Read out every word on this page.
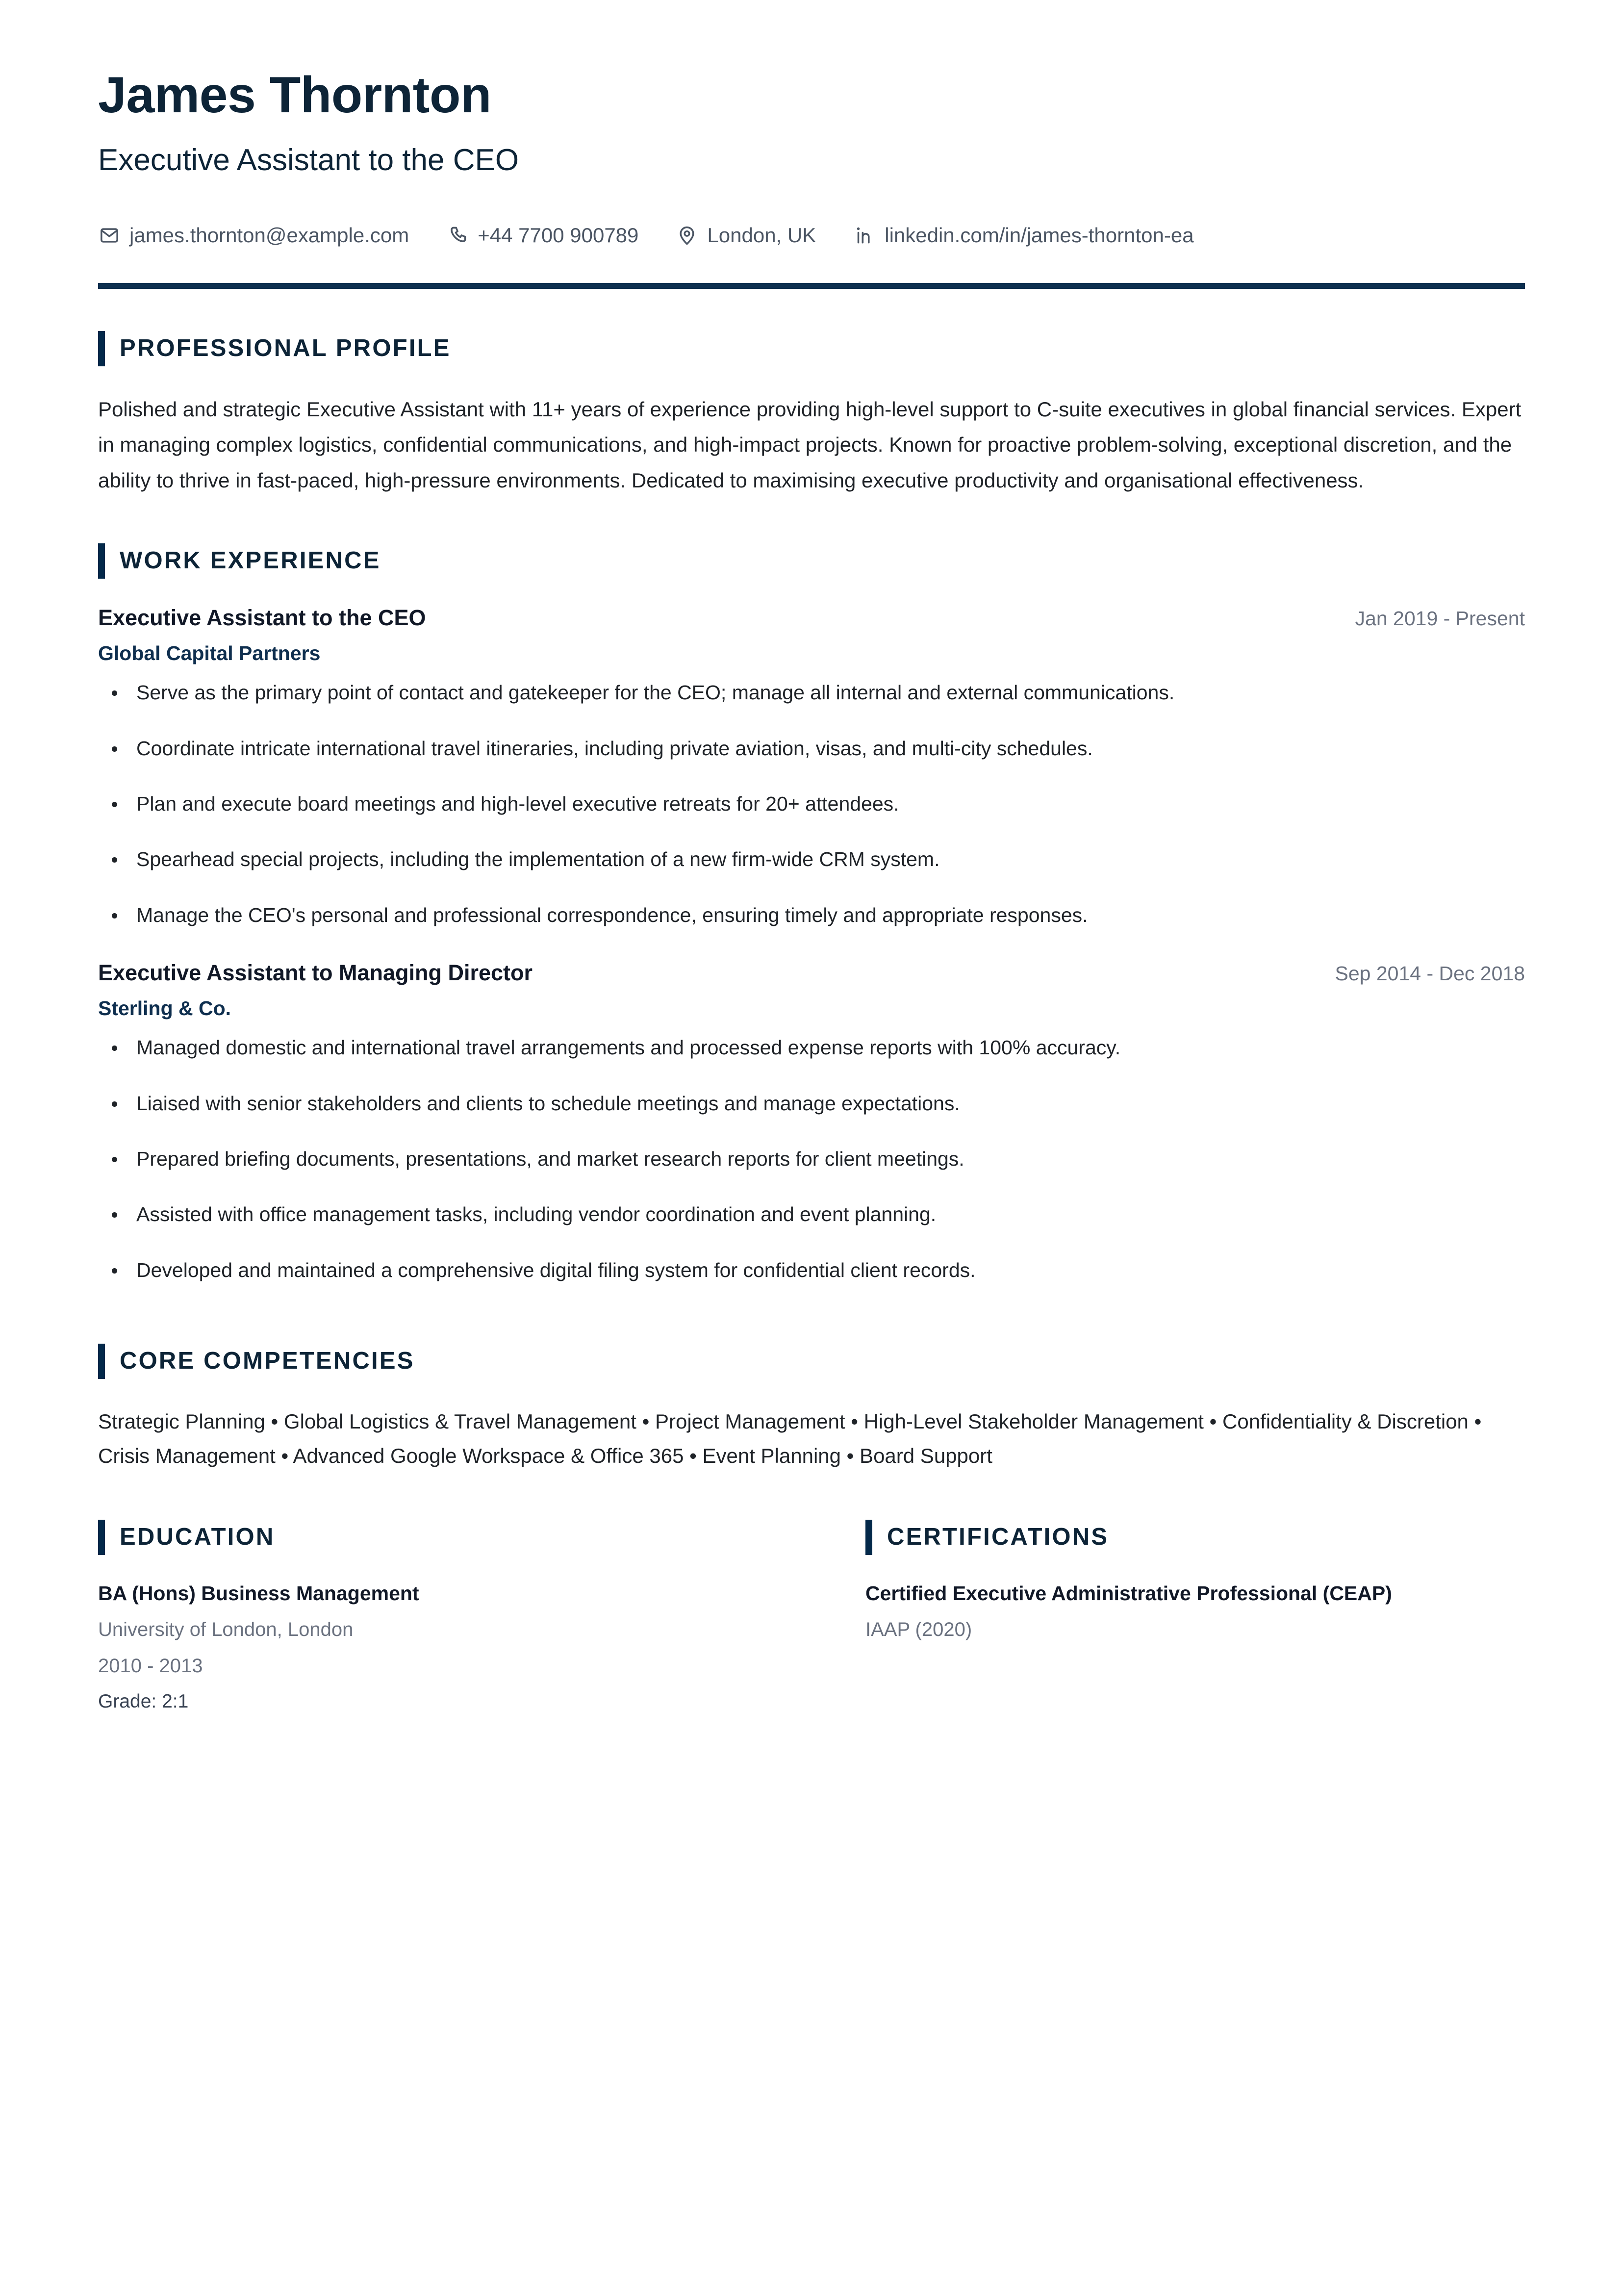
James Thornton
Executive Assistant to the CEO
james.thornton@example.com	+44 7700 900789	London, UK	linkedin.com/in/james-thornton-ea
PROFESSIONAL PROFILE

Polished and strategic Executive Assistant with 11+ years of experience providing high-level support to C-suite executives in global financial services. Expert in managing complex logistics, confidential communications, and high-impact projects. Known for proactive problem-solving, exceptional discretion, and the ability to thrive in fast-paced, high-pressure environments. Dedicated to maximising executive productivity and organisational effectiveness.

WORK EXPERIENCE
Executive Assistant to the CEO	Jan 2019 - Present
Global Capital Partners
Serve as the primary point of contact and gatekeeper for the CEO; manage all internal and external communications.
Coordinate intricate international travel itineraries, including private aviation, visas, and multi-city schedules.
Plan and execute board meetings and high-level executive retreats for 20+ attendees.
Spearhead special projects, including the implementation of a new firm-wide CRM system.
Manage the CEO's personal and professional correspondence, ensuring timely and appropriate responses.
Executive Assistant to Managing Director	Sep 2014 - Dec 2018
Sterling & Co.
Managed domestic and international travel arrangements and processed expense reports with 100% accuracy.
Liaised with senior stakeholders and clients to schedule meetings and manage expectations.
Prepared briefing documents, presentations, and market research reports for client meetings.
Assisted with office management tasks, including vendor coordination and event planning.
Developed and maintained a comprehensive digital filing system for confidential client records.
CORE COMPETENCIES
Strategic Planning • Global Logistics & Travel Management • Project Management • High-Level Stakeholder Management • Confidentiality & Discretion • Crisis Management • Advanced Google Workspace & Office 365 • Event Planning • Board Support
EDUCATION
BA (Hons) Business Management
University of London, London
2010 - 2013
Grade: 2:1
CERTIFICATIONS
Certified Executive Administrative Professional (CEAP)
IAAP (2020)
